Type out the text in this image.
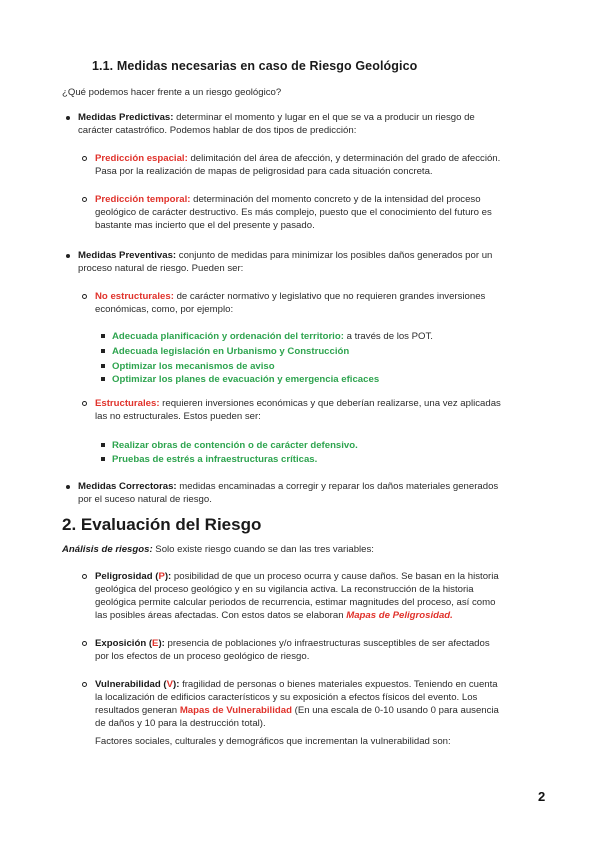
1.1. Medidas necesarias en caso de Riesgo Geológico

¿Qué podemos hacer frente a un riesgo geológico?

Medidas Predictivas: determinar el momento y lugar en el que se va a producir un riesgo de

carácter catastrófico. Podemos hablar de dos tipos de predicción:

Predicción espacial: delimitación del área de afección, y determinación del grado de afección.

Pasa por la realización de mapas de peligrosidad para cada situación concreta.

Predicción temporal: determinación del momento concreto y de la intensidad del proceso

geológico de carácter destructivo. Es más complejo, puesto que el conocimiento del futuro es

bastante mas incierto que el del presente y pasado.

Medidas Preventivas: conjunto de medidas para minimizar los posibles daños generados por un

proceso natural de riesgo. Pueden ser:

No estructurales: de carácter normativo y legislativo que no requieren grandes inversiones

económicas, como, por ejemplo:

Adecuada planificación y ordenación del territorio: a través de los POT.

Adecuada legislación en Urbanismo y Construcción

Optimizar los mecanismos de aviso

Optimizar los planes de evacuación y emergencia eficaces

Estructurales: requieren inversiones económicas y que deberían realizarse, una vez aplicadas

las no estructurales. Estos pueden ser:

Realizar obras de contención o de carácter defensivo.

Pruebas de estrés a infraestructuras críticas.

Medidas Correctoras: medidas encaminadas a corregir y reparar los daños materiales generados

por el suceso natural de riesgo.

2. Evaluación del Riesgo

Análisis de riesgos: Solo existe riesgo cuando se dan las tres variables:

Peligrosidad (P): posibilidad de que un proceso ocurra y cause daños. Se basan en la historia

geológica del proceso geológico y en su vigilancia activa. La reconstrucción de la historia

geológica permite calcular periodos de recurrencia, estimar magnitudes del proceso, así como

las posibles áreas afectadas. Con estos datos se elaboran Mapas de Peligrosidad.

Exposición (E): presencia de poblaciones y/o infraestructuras susceptibles de ser afectados

por los efectos de un proceso geológico de riesgo.

Vulnerabilidad (V): fragilidad de personas o bienes materiales expuestos. Teniendo en cuenta

la localización de edificios característicos y su exposición a efectos físicos del evento. Los

resultados generan Mapas de Vulnerabilidad (En una escala de 0-10 usando 0 para ausencia

de daños y 10 para la destrucción total).

Factores sociales, culturales y demográficos que incrementan la vulnerabilidad son:

2
